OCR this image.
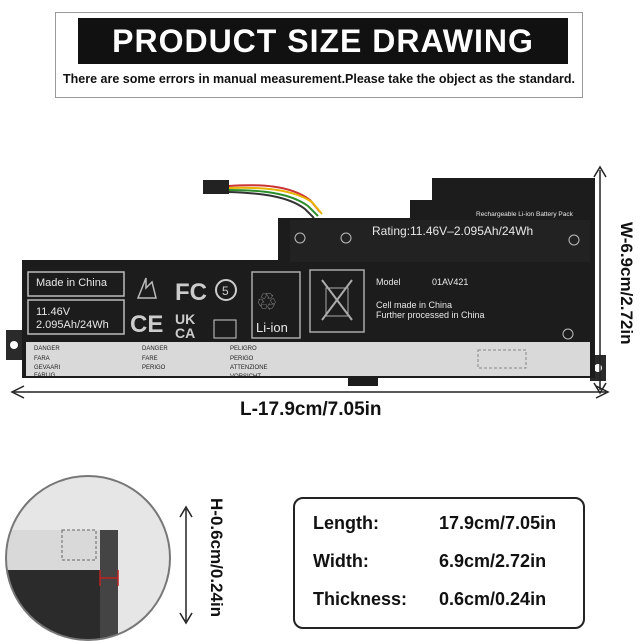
PRODUCT SIZE DRAWING
There are some errors in manual measurement.Please take the object as the standard.
FC 5
CE UK
CA
♲
Rechargeable Li-ion Battery Pack
Rating:11.46V–2.095Ah/24Wh
Made in China
11.46V
2.095Ah/24Wh	Li-ion
Model	01AV421
Cell made in China
Further processed in China
DANGER
FARA
GEVAARI
FARLIG
DANGER
FARE
PERIGO
PELIGRO
PERIGO
ATTENZIONE
VORSICHT
W-6.9cm/2.72in
L-17.9cm/7.05in
H-0.6cm/0.24in	Length:	17.9cm/7.05in
Width:	6.9cm/2.72in
Thickness: 0.6cm/0.24in
